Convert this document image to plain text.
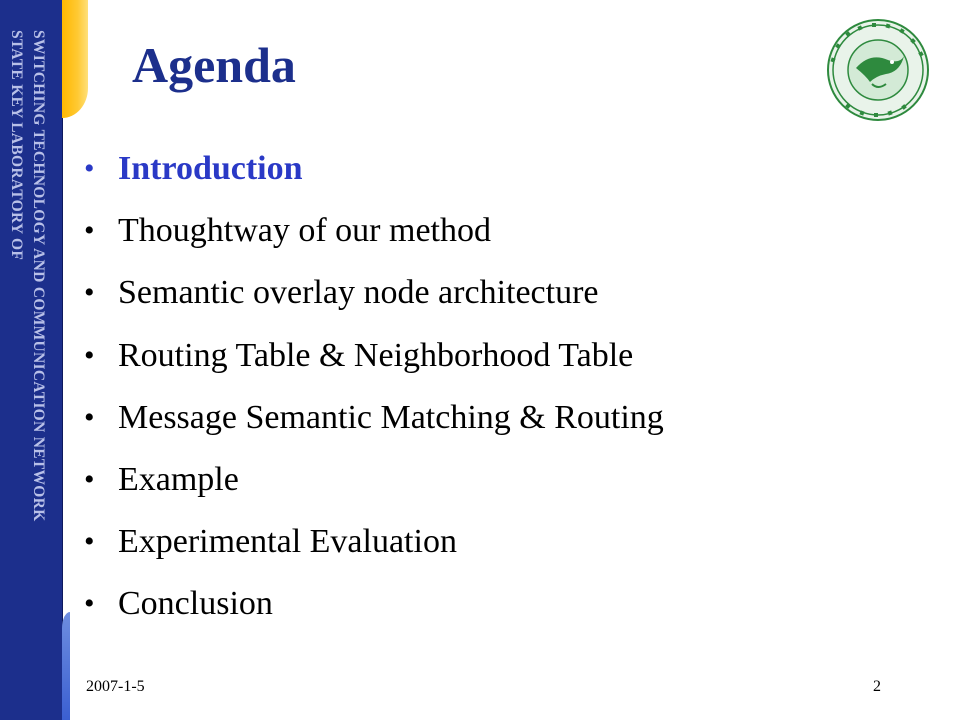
SWITCHING TECHNOLOGY AND COMMUNICATION NETWORK
STATE KEY LABORATORY OF Agenda
• Introduction
• Thoughtway of our method
• Semantic overlay node architecture
• Routing Table & Neighborhood Table
• Message Semantic Matching & Routing
• Example
• Experimental Evaluation
• Conclusion
2007-1-5	2
